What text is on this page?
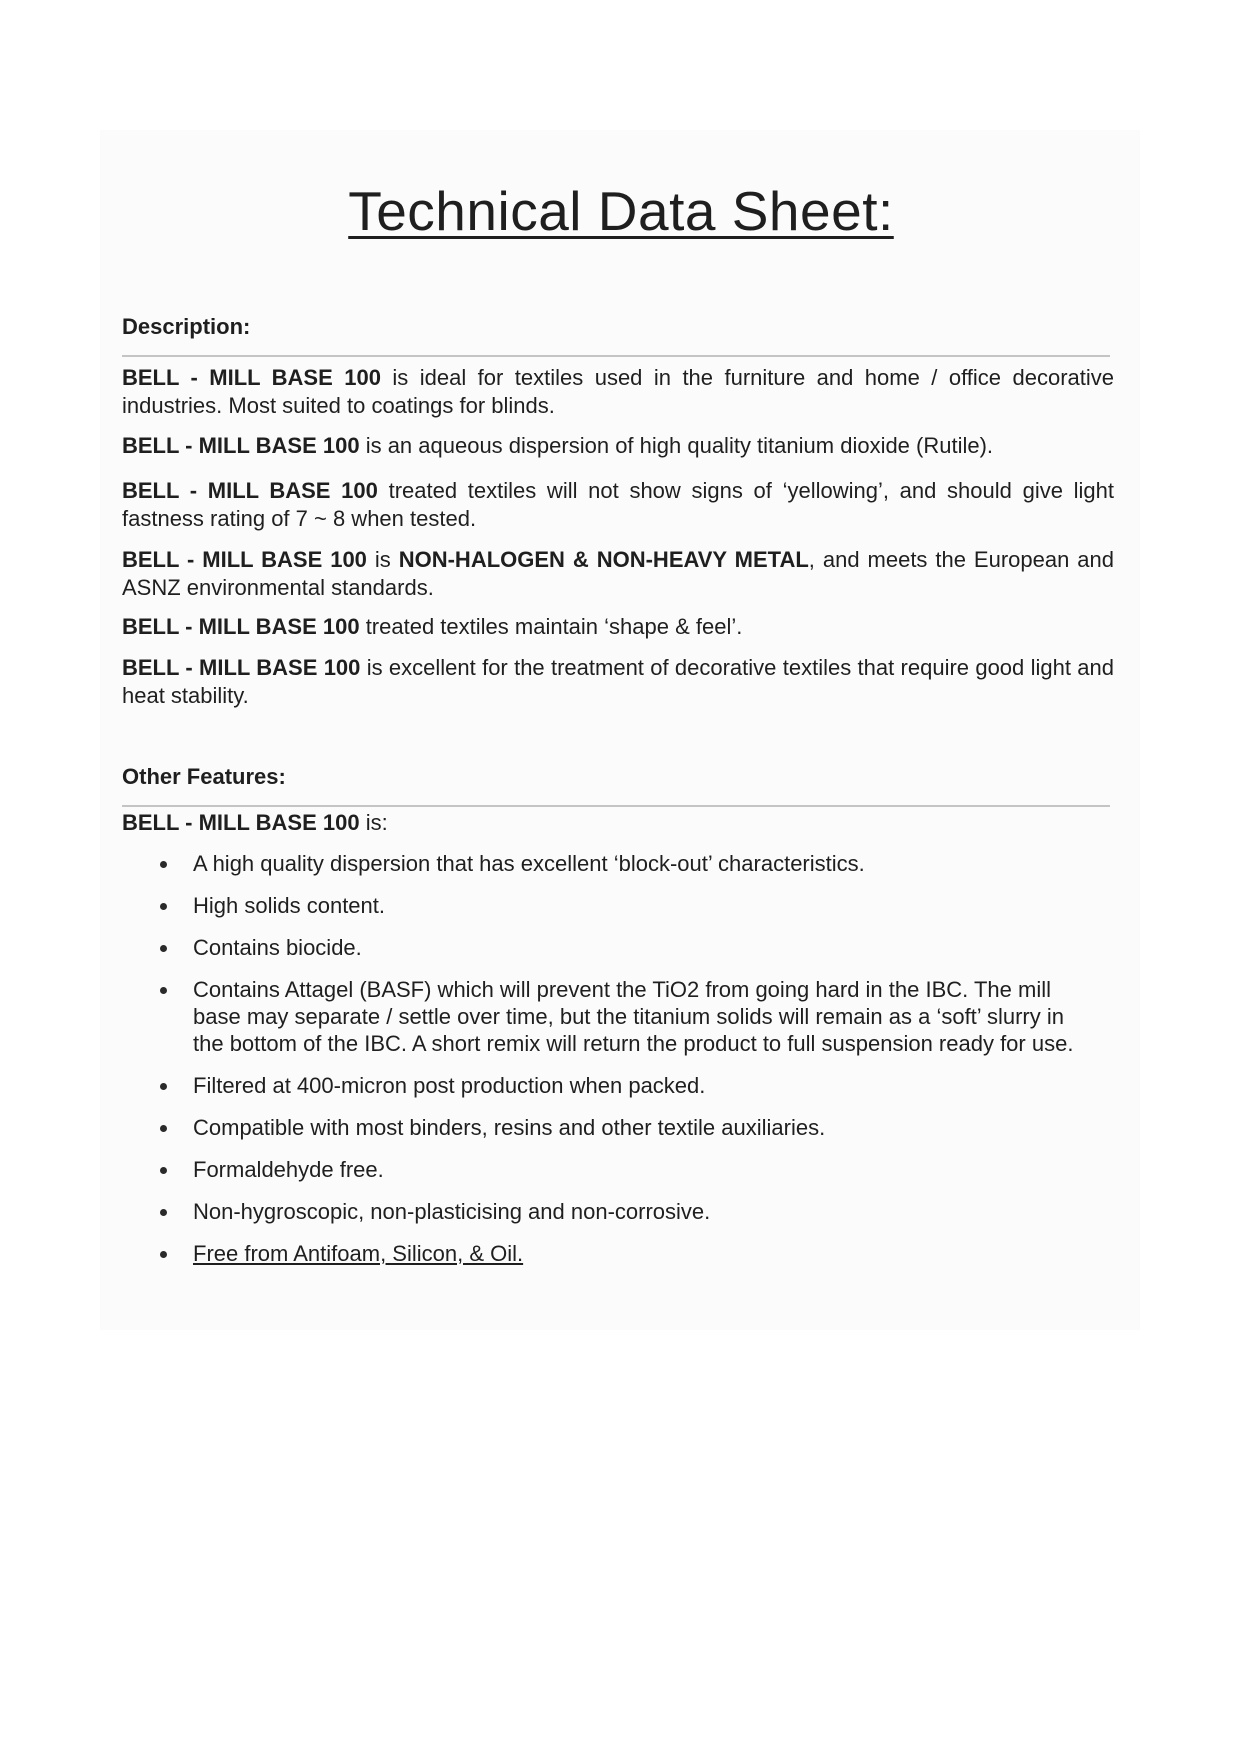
Technical Data Sheet:
Description:

BELL - MILL BASE 100 is ideal for textiles used in the furniture and home / office decorative industries. Most suited to coatings for blinds.

BELL - MILL BASE 100 is an aqueous dispersion of high quality titanium dioxide (Rutile).

BELL - MILL BASE 100 treated textiles will not show signs of ‘yellowing’, and should give light fastness rating of 7 ~ 8 when tested.

BELL - MILL BASE 100 is NON-HALOGEN & NON-HEAVY METAL, and meets the European and ASNZ environmental standards.

BELL - MILL BASE 100 treated textiles maintain ‘shape & feel’.

BELL - MILL BASE 100 is excellent for the treatment of decorative textiles that require good light and heat stability.

Other Features:

BELL - MILL BASE 100 is:

A high quality dispersion that has excellent ‘block-out’ characteristics.
High solids content.
Contains biocide.
Contains Attagel (BASF) which will prevent the TiO2 from going hard in the IBC. The mill base may separate / settle over time, but the titanium solids will remain as a ‘soft’ slurry in the bottom of the IBC. A short remix will return the product to full suspension ready for use.
Filtered at 400-micron post production when packed.
Compatible with most binders, resins and other textile auxiliaries.
Formaldehyde free.
Non-hygroscopic, non-plasticising and non-corrosive.
Free from Antifoam, Silicon, & Oil.
